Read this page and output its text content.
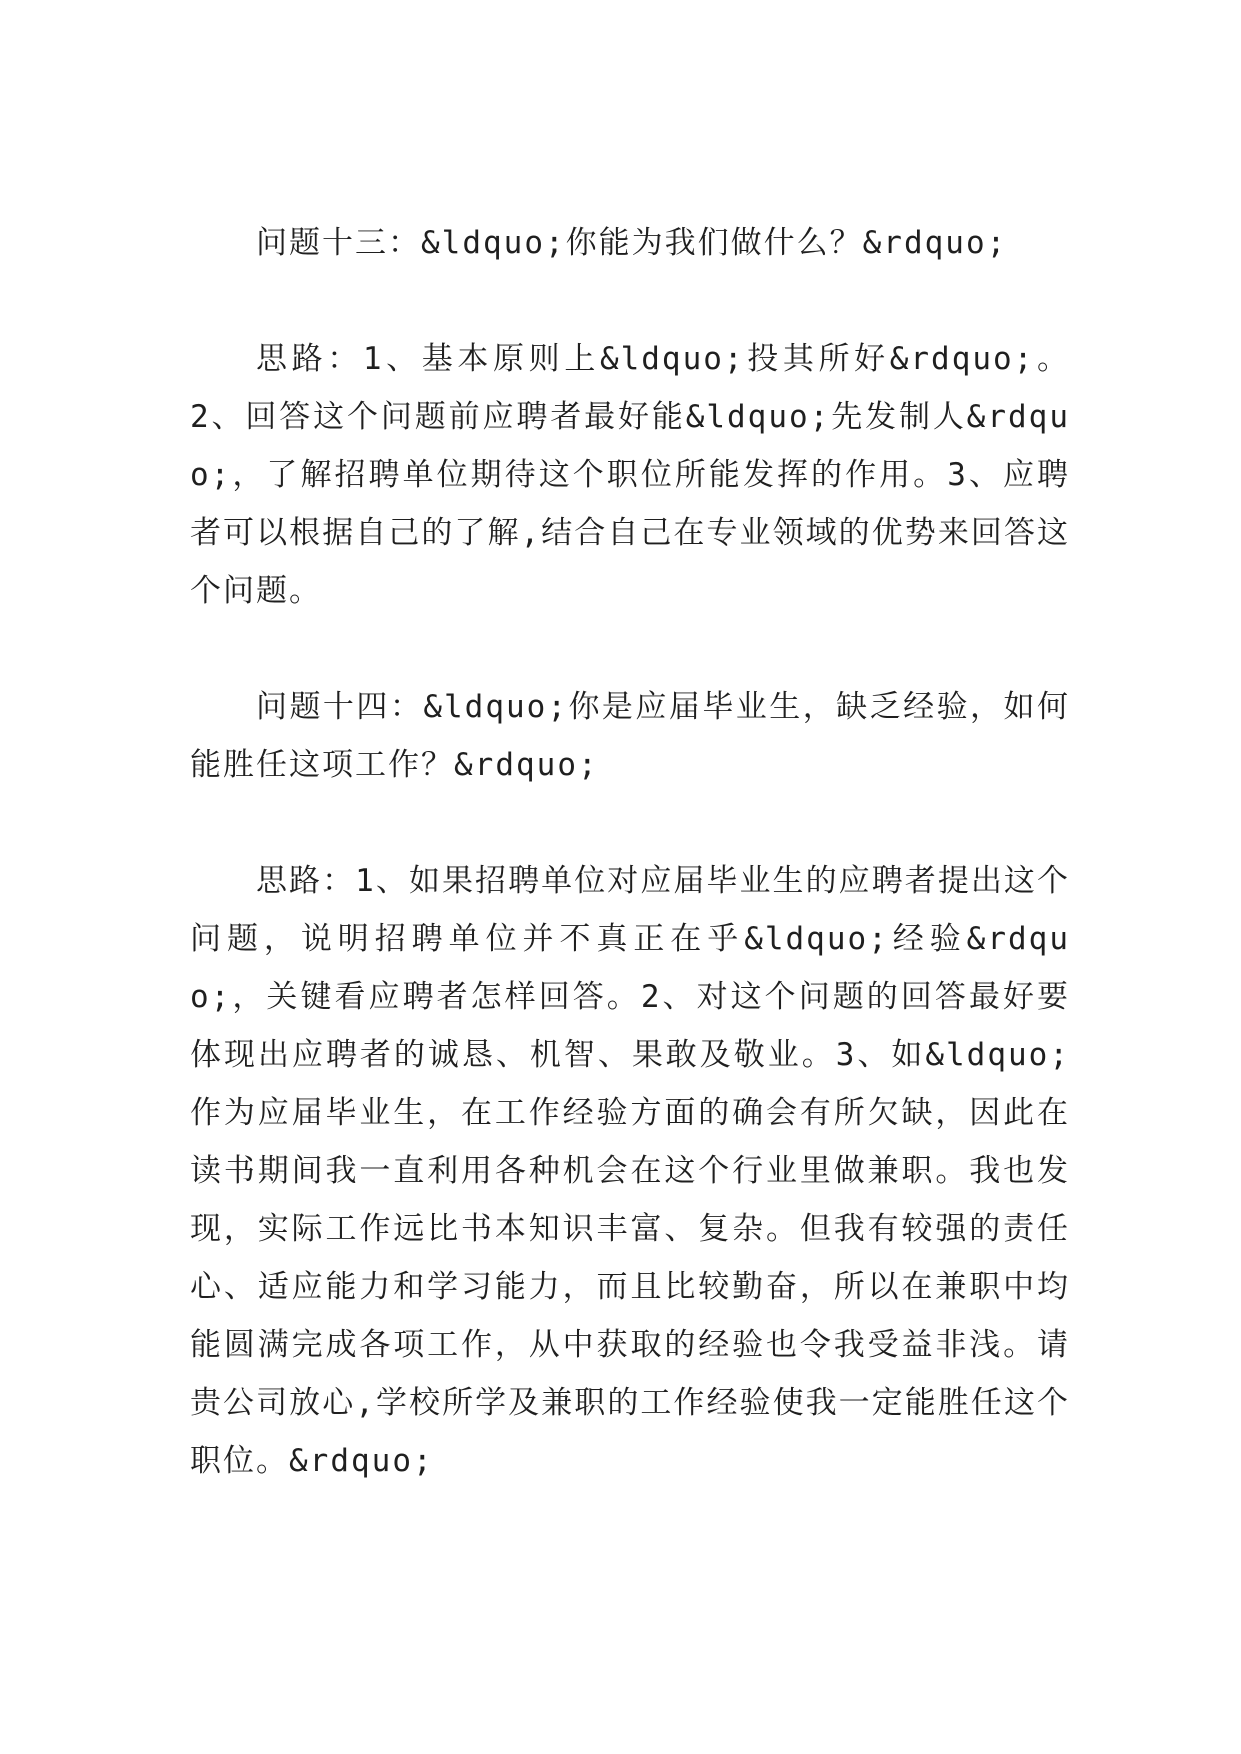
问题十三：&ldquo;你能为我们做什么？&rdquo;

思路：1、基本原则上&ldquo;投其所好&rdquo;。2、回答这个问题前应聘者最好能&ldquo;先发制人&rdquo;，了解招聘单位期待这个职位所能发挥的作用。3、应聘者可以根据自己的了解,结合自己在专业领域的优势来回答这个问题。

问题十四：&ldquo;你是应届毕业生，缺乏经验，如何能胜任这项工作？&rdquo;

思路：1、如果招聘单位对应届毕业生的应聘者提出这个问题，说明招聘单位并不真正在乎&ldquo;经验&rdquo;，关键看应聘者怎样回答。2、对这个问题的回答最好要体现出应聘者的诚恳、机智、果敢及敬业。3、如&ldquo;作为应届毕业生，在工作经验方面的确会有所欠缺，因此在读书期间我一直利用各种机会在这个行业里做兼职。我也发现，实际工作远比书本知识丰富、复杂。但我有较强的责任心、适应能力和学习能力，而且比较勤奋，所以在兼职中均能圆满完成各项工作，从中获取的经验也令我受益非浅。请贵公司放心,学校所学及兼职的工作经验使我一定能胜任这个职位。&rdquo;
